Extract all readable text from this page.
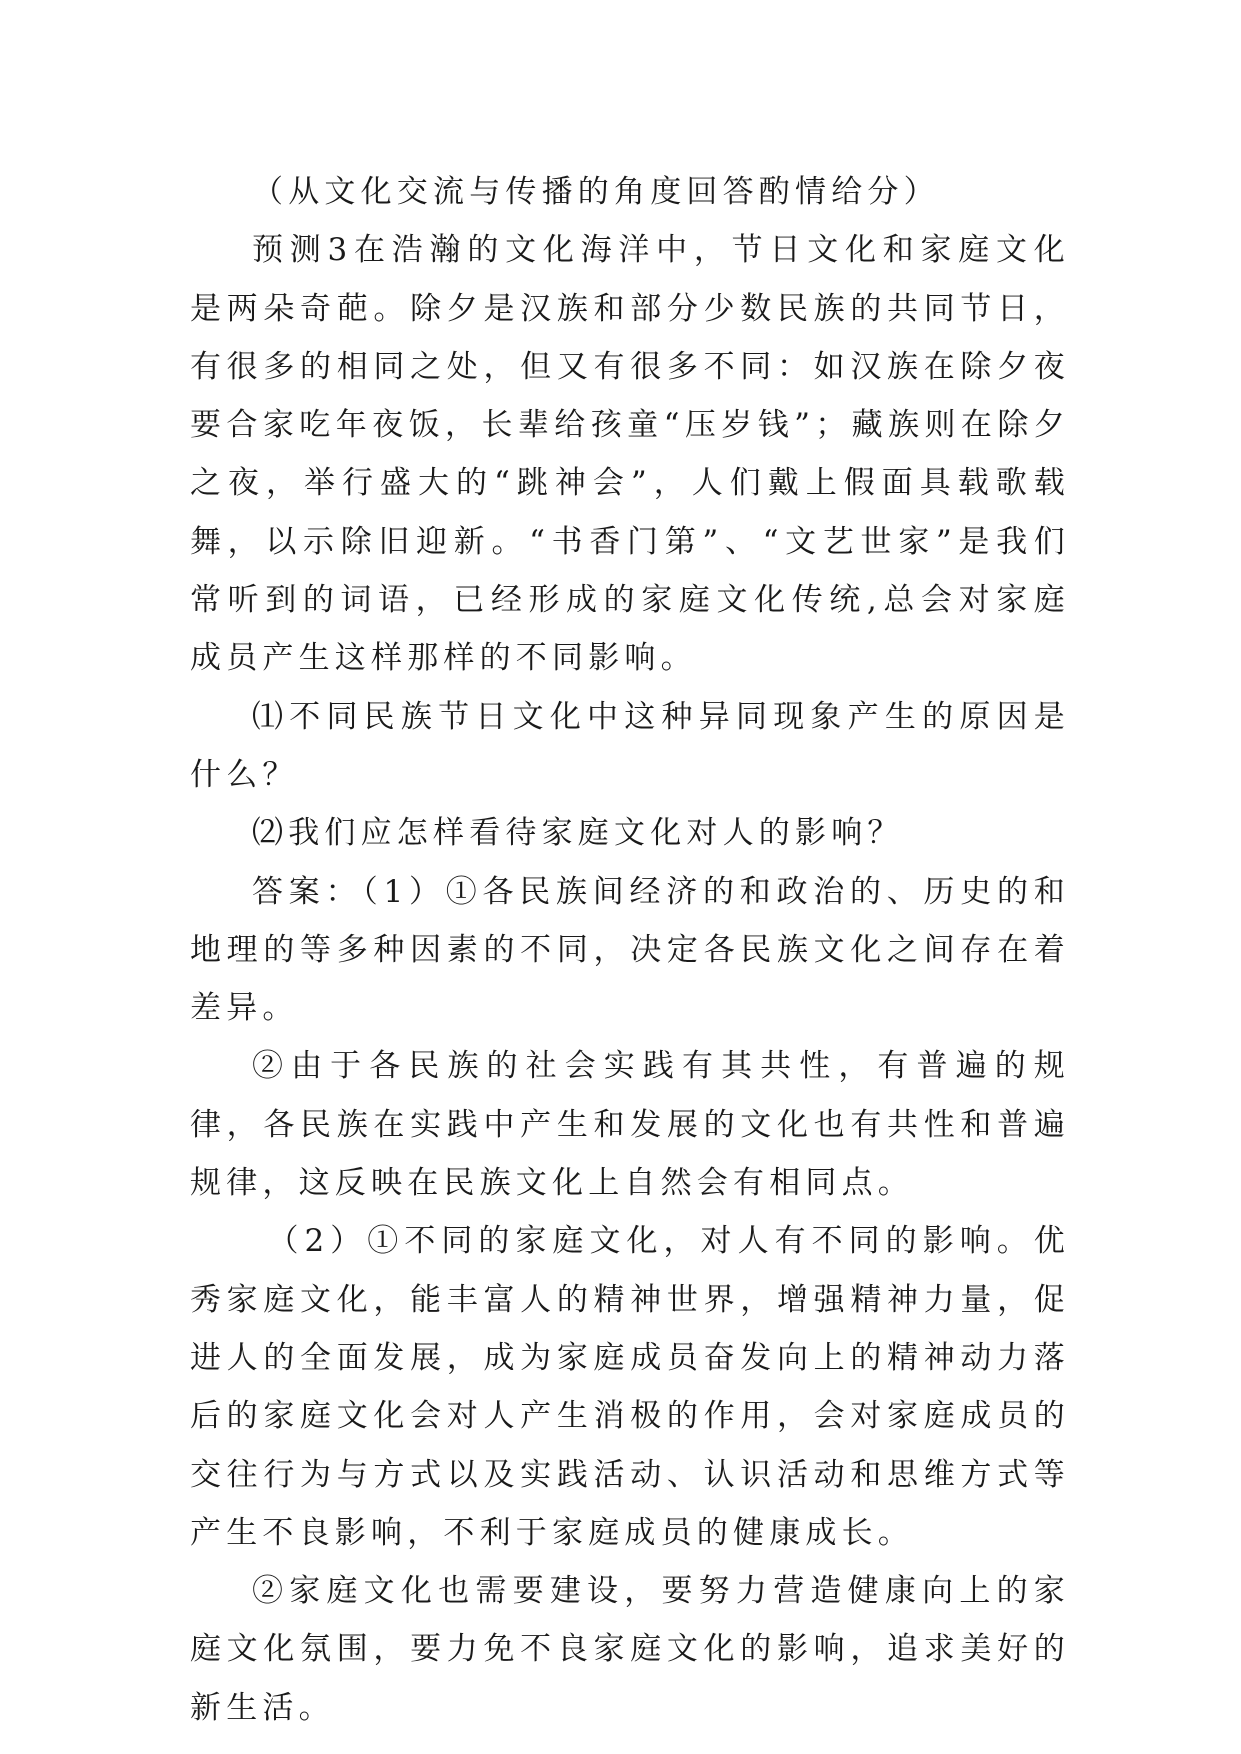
（从文化交流与传播的角度回答酌情给分）

预测3在浩瀚的文化海洋中，节日文化和家庭文化是两朵奇葩。除夕是汉族和部分少数民族的共同节日，有很多的相同之处，但又有很多不同：如汉族在除夕夜要合家吃年夜饭，长辈给孩童“压岁钱”；藏族则在除夕之夜，举行盛大的“跳神会”，人们戴上假面具载歌载舞，以示除旧迎新。“书香门第”、“文艺世家”是我们常听到的词语，已经形成的家庭文化传统,总会对家庭成员产生这样那样的不同影响。

⑴不同民族节日文化中这种异同现象产生的原因是什么？

⑵我们应怎样看待家庭文化对人的影响？

答案：（1）①各民族间经济的和政治的、历史的和地理的等多种因素的不同，决定各民族文化之间存在着差异。

②由于各民族的社会实践有其共性，有普遍的规律，各民族在实践中产生和发展的文化也有共性和普遍规律，这反映在民族文化上自然会有相同点。

（2）①不同的家庭文化，对人有不同的影响。优秀家庭文化，能丰富人的精神世界，增强精神力量，促进人的全面发展，成为家庭成员奋发向上的精神动力落后的家庭文化会对人产生消极的作用，会对家庭成员的交往行为与方式以及实践活动、认识活动和思维方式等产生不良影响，不利于家庭成员的健康成长。

②家庭文化也需要建设，要努力营造健康向上的家庭文化氛围，要力免不良家庭文化的影响，追求美好的新生活。
